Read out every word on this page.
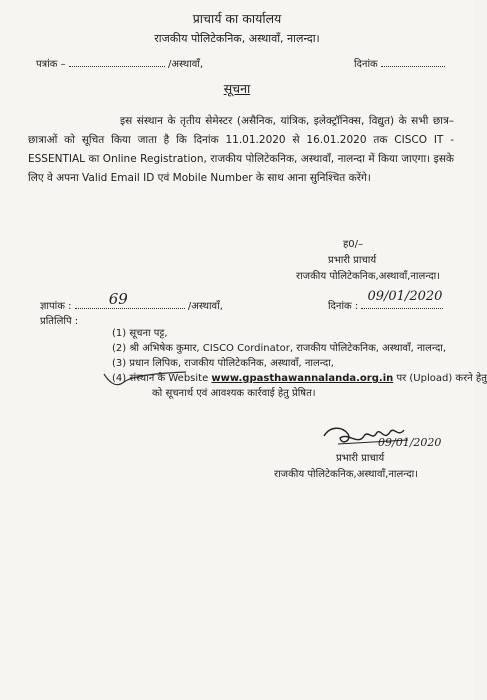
प्राचार्य का कार्यालय
राजकीय पोलिटेकनिक, अस्थावाँ, नालन्दा।
पत्रांक –	/अस्थावाँ,	दिनांक
सूचना

इस संस्थान के तृतीय सेमेस्टर (असैनिक, यांत्रिक, इलेक्ट्रॉनिक्स, विद्युत) के सभी छात्र–छात्राओं को सूचित किया जाता है कि दिनांक 11.01.2020 से 16.01.2020 तक CISCO IT - ESSENTIAL का Online Registration, राजकीय पोलिटेकनिक, अस्थावाँ, नालन्दा में किया जाएगा। इसके लिए वे अपना Valid Email ID एवं Mobile Number के साथ आना सुनिश्चित करेंगे।

ह0/–
प्रभारी प्राचार्य
राजकीय पोलिटेकनिक,अस्थावाँ,नालन्दा।
ज्ञापांक : 69	/अस्थावाँ,
प्रतिलिपि :
दिनांक :
09/01/2020
(1) सूचना पट्ट,
(2) श्री अभिषेक कुमार, CISCO Cordinator, राजकीय पोलिटेकनिक, अस्थावाँ, नालन्दा,
(3) प्रधान लिपिक, राजकीय पोलिटेकनिक, अस्थावाँ, नालन्दा,
(4) संस्थान के Website www.gpasthawannalanda.org.in पर (Upload) करने हेतु
को सूचनार्थ एवं आवश्यक कार्रवाई हेतु प्रेषित।
09/01/2020
प्रभारी प्राचार्य
राजकीय पोलिटेकनिक,अस्थावाँ,नालन्दा।
